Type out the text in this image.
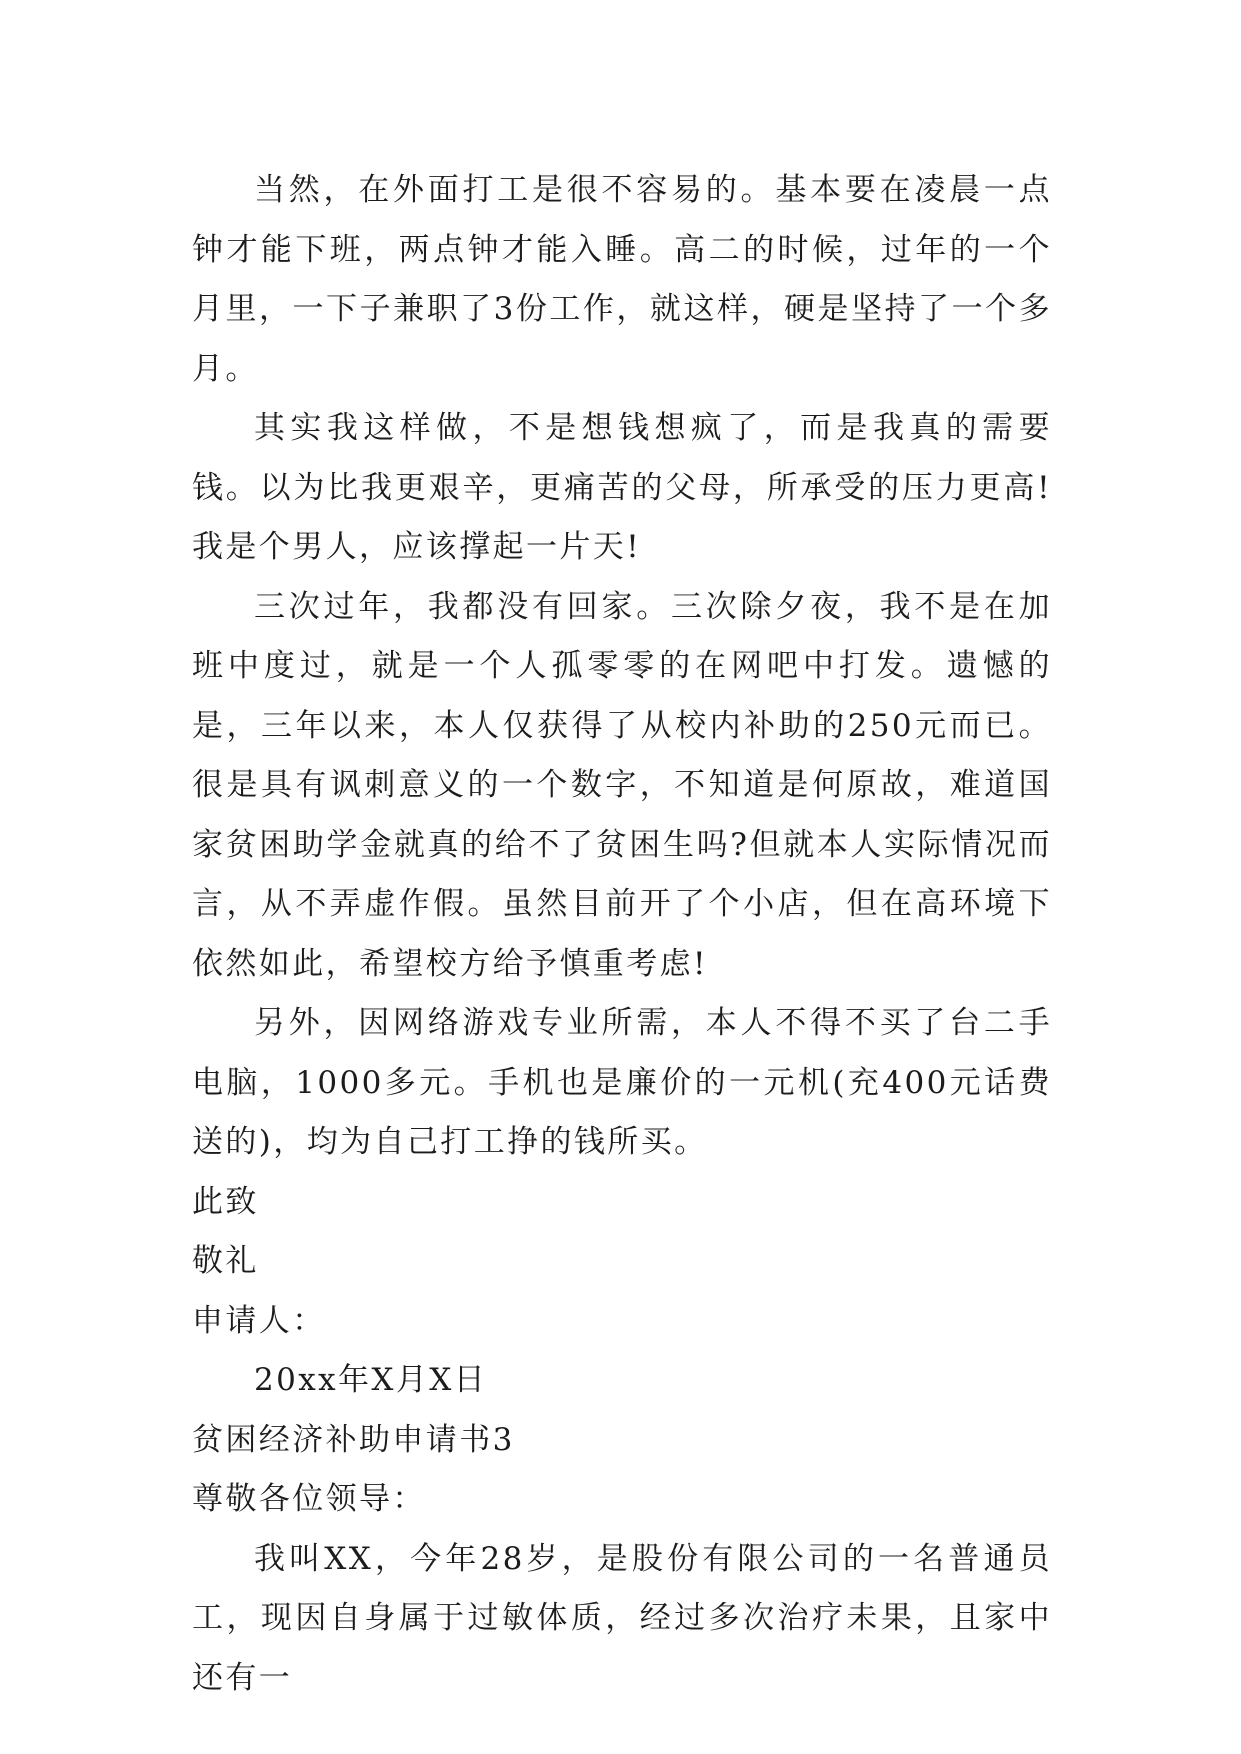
当然，在外面打工是很不容易的。基本要在凌晨一点钟才能下班，两点钟才能入睡。高二的时候，过年的一个月里，一下子兼职了3份工作，就这样，硬是坚持了一个多月。

其实我这样做，不是想钱想疯了，而是我真的需要钱。以为比我更艰辛，更痛苦的父母，所承受的压力更高!我是个男人，应该撑起一片天!

三次过年，我都没有回家。三次除夕夜，我不是在加班中度过，就是一个人孤零零的在网吧中打发。遗憾的是，三年以来，本人仅获得了从校内补助的250元而已。很是具有讽刺意义的一个数字，不知道是何原故，难道国家贫困助学金就真的给不了贫困生吗?但就本人实际情况而言，从不弄虚作假。虽然目前开了个小店，但在高环境下依然如此，希望校方给予慎重考虑!

另外，因网络游戏专业所需，本人不得不买了台二手电脑，1000多元。手机也是廉价的一元机(充400元话费送的)，均为自己打工挣的钱所买。

此致

敬礼

申请人：

20xx年X月X日

贫困经济补助申请书3

尊敬各位领导：

我叫XX，今年28岁，是股份有限公司的一名普通员工，现因自身属于过敏体质，经过多次治疗未果，且家中还有一
